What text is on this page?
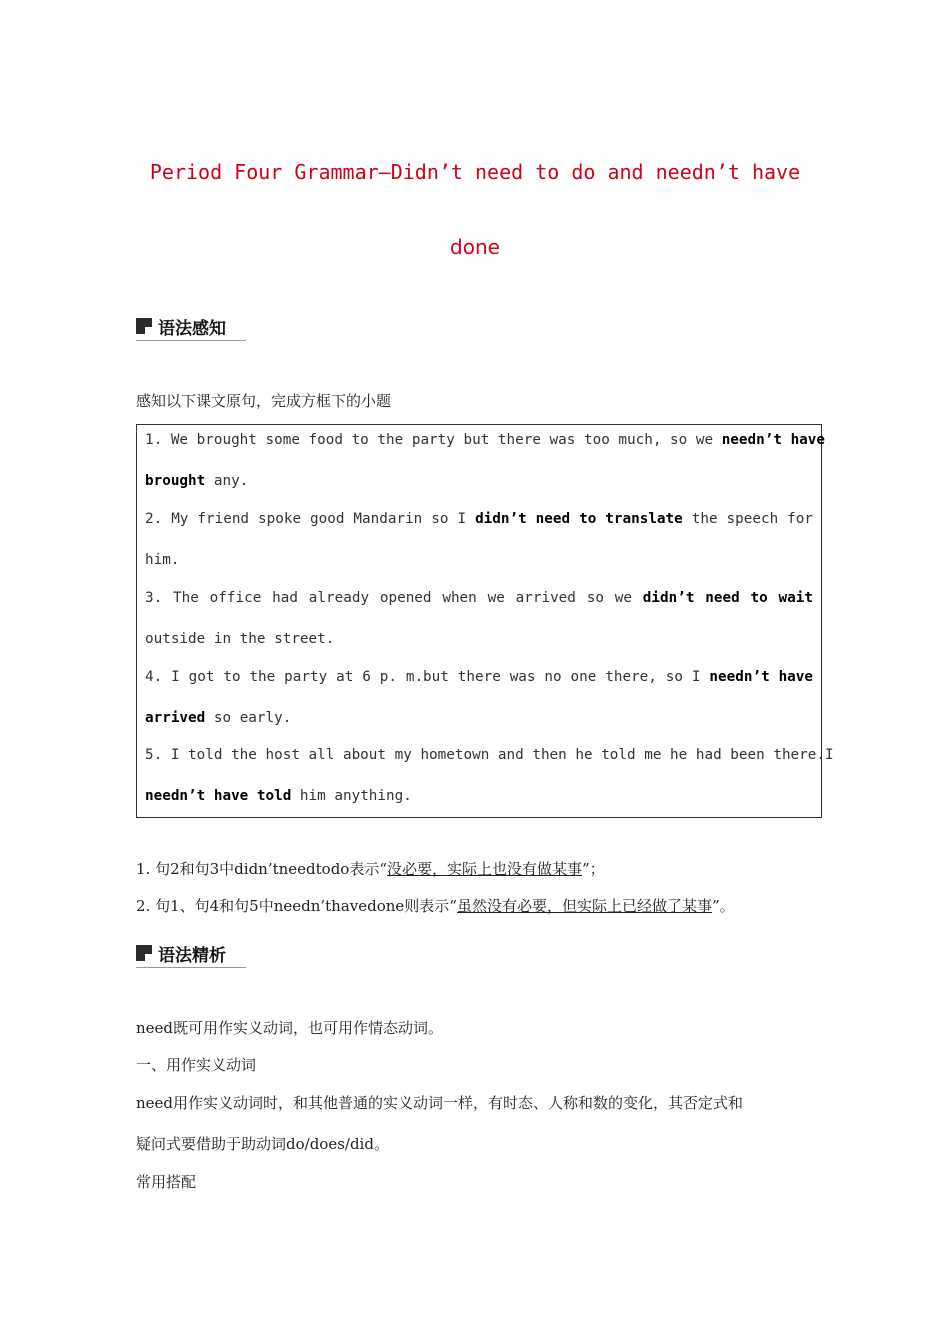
Period Four Grammar—Didn’t need to do and needn’t have
done
语法感知
感知以下课文原句，完成方框下的小题
1. We brought some food to the party but there was too much, so we needn’t have
brought any.
2. My friend spoke good Mandarin so I didn’t need to translate the speech for
him.
3. The office had already opened when we arrived so we didn’t need to wait
outside in the street.
4. I got to the party at 6 p. m.but there was no one there, so I needn’t have
arrived so early.
5. I told the host all about my hometown and then he told me he had been there.I
needn’t have told him anything.
1. 句2和句3中didn’tneedtodo表示“没必要，实际上也没有做某事”；
2. 句1、句4和句5中needn’thavedone则表示“虽然没有必要，但实际上已经做了某事”。
语法精析
need既可用作实义动词，也可用作情态动词。
一、用作实义动词
need用作实义动词时，和其他普通的实义动词一样，有时态、人称和数的变化，其否定式和
疑问式要借助于助动词do/does/did。
常用搭配
